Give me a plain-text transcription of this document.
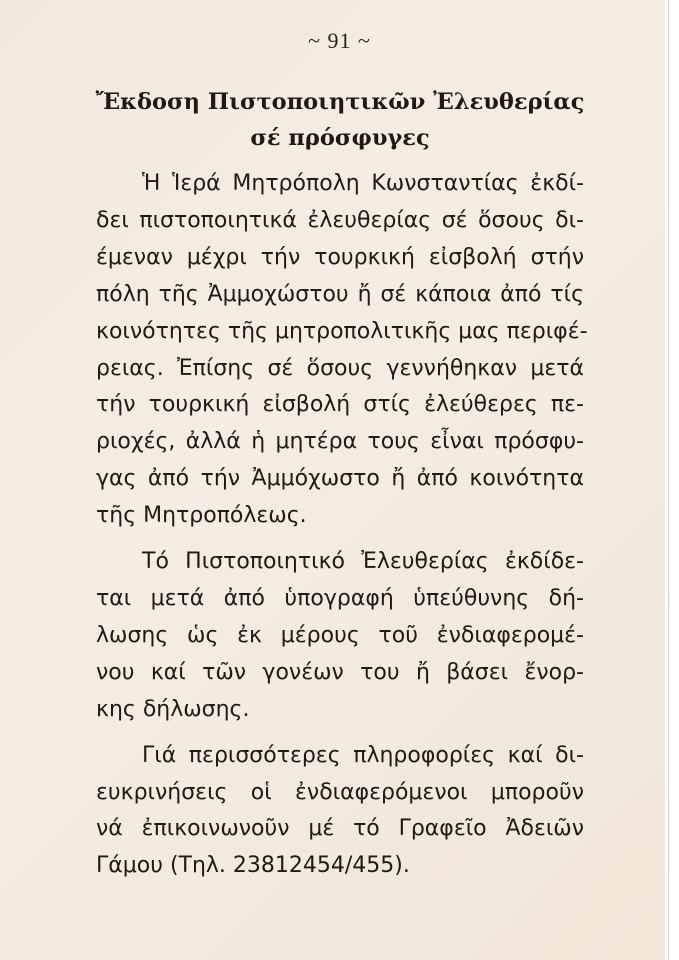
~ 91 ~
Ἔκδοση Πιστοποιητικῶν Ἐλευθερίας
σέ πρόσφυγες
Ἡ Ἱερά Μητρόπολη Κωνσταντίας ἐκδί-
δει πιστοποιητικά ἐλευθερίας σέ ὅσους δι-
έμεναν μέχρι τήν τουρκική εἰσβολή στήν
πόλη τῆς Ἀμμοχώστου ἤ σέ κάποια ἀπό τίς
κοινότητες τῆς μητροπολιτικῆς μας περιφέ-
ρειας. Ἐπίσης σέ ὅσους γεννήθηκαν μετά
τήν τουρκική εἰσβολή στίς ἐλεύθερες πε-
ριοχές, ἀλλά ἡ μητέρα τους εἶναι πρόσφυ-
γας ἀπό τήν Ἀμμόχωστο ἤ ἀπό κοινότητα
τῆς Μητροπόλεως.
Τό Πιστοποιητικό Ἐλευθερίας ἐκδίδε-
ται μετά ἀπό ὑπογραφή ὑπεύθυνης δή-
λωσης ὡς ἐκ μέρους τοῦ ἐνδιαφερομέ-
νου καί τῶν γονέων του ἤ βάσει ἔνορ-
κης δήλωσης.
Γιά περισσότερες πληροφορίες καί δι-
ευκρινήσεις οἱ ἐνδιαφερόμενοι μποροῦν
νά ἐπικοινωνοῦν μέ τό Γραφεῖο Ἀδειῶν
Γάμου (Τηλ. 23812454/455).
